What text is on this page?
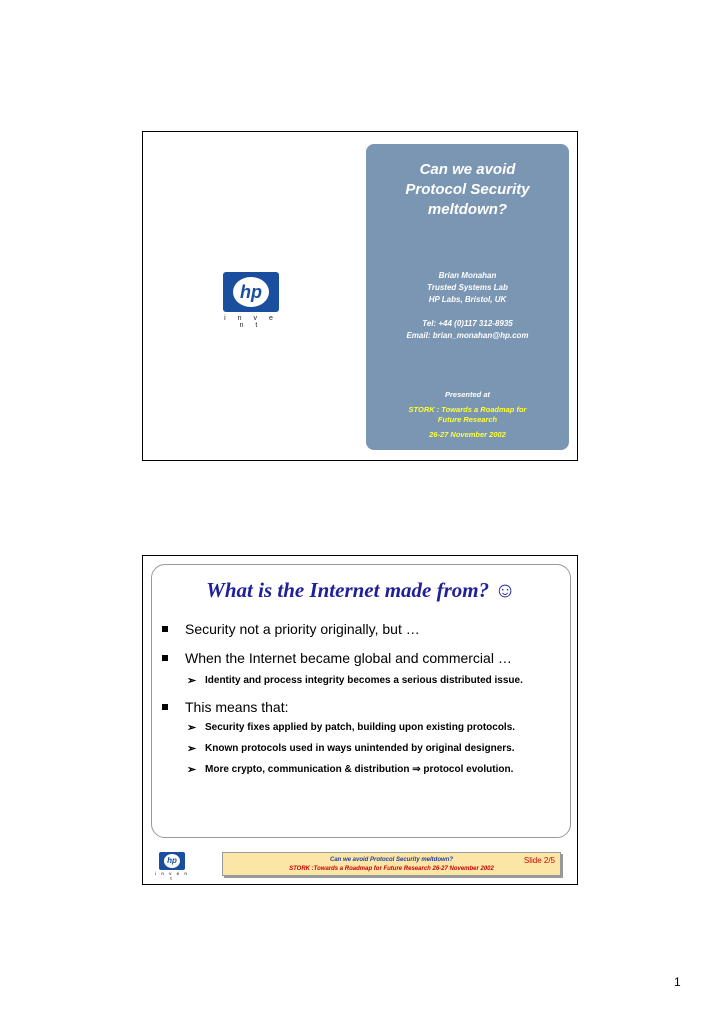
hp
i n v e n t
Can we avoid Protocol Security meltdown?
Brian Monahan
Trusted Systems Lab
HP Labs, Bristol, UK
Tel: +44 (0)117 312-8935
Email: brian_monahan@hp.com
Presented at
STORK : Towards a Roadmap for
Future Research
26-27 November 2002
What is the Internet made from? ☺
Security not a priority originally, but …
When the Internet became global and commercial …
➢ Identity and process integrity becomes a serious distributed issue.
This means that:
➢ Security fixes applied by patch, building upon existing protocols.
➢ Known protocols used in ways unintended by original designers.
➢ More crypto, communication & distribution ⇒ protocol evolution.
hp
i n v e n t
Can we avoid Protocol Security meltdown?
STORK :Towards a Roadmap for Future Research 26-27 November 2002
Slide 2/5
1
